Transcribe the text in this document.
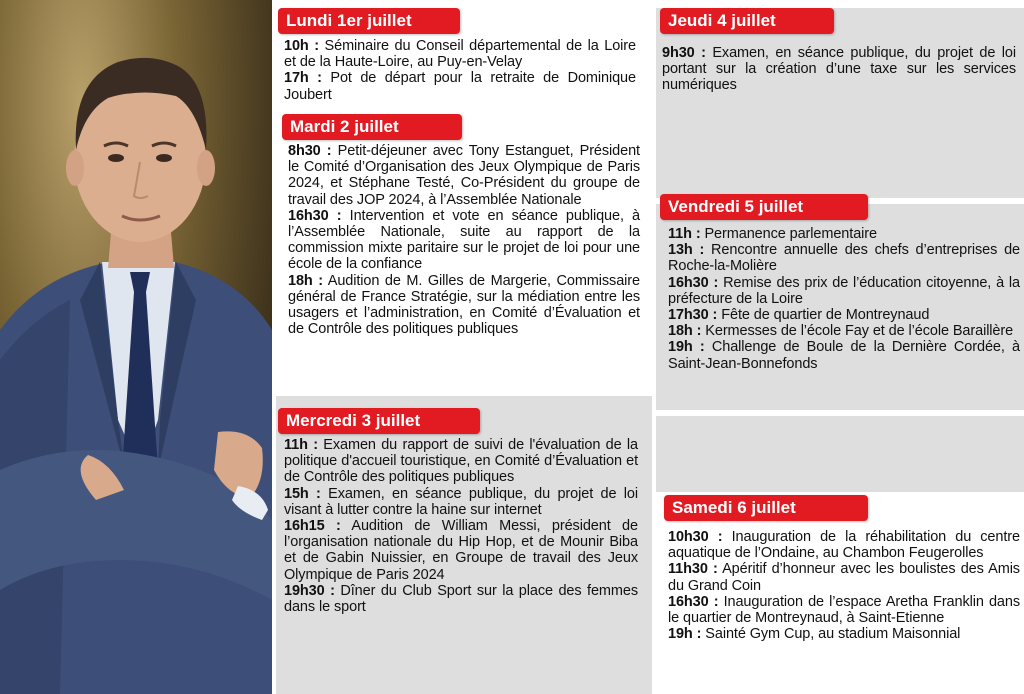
Lundi 1er juillet

10h : Séminaire du Conseil départemental de la Loire et de la Haute-Loire, au Puy-en-Velay

17h : Pot de départ pour la retraite de Dominique Joubert

Mardi 2 juillet

8h30 : Petit-déjeuner avec Tony Estanguet, Président le Comité d’Organisation des Jeux Olympique de Paris 2024, et Stéphane Testé, Co-Président du groupe de travail des JOP 2024, à l’Assemblée Nationale

16h30 : Intervention et vote en séance publique, à l’Assemblée Nationale, suite au rapport de la commission mixte paritaire sur le projet de loi pour une école de la confiance

18h : Audition de M. Gilles de Margerie, Commissaire général de France Stratégie, sur la médiation entre les usagers et l’administration, en Comité d’Évaluation et de Contrôle des politiques publiques

Mercredi 3 juillet

11h : Examen du rapport de suivi de l'évaluation de la politique d'accueil touristique, en Comité d’Évaluation et de Contrôle des politiques publiques

15h : Examen, en séance publique, du projet de loi visant à lutter contre la haine sur internet

16h15 : Audition de William Messi, président de l’organisation nationale du Hip Hop, et de Mounir Biba et de Gabin Nuissier, en Groupe de travail des Jeux Olympique de Paris 2024

19h30 : Dîner du Club Sport sur la place des femmes dans le sport

Jeudi 4 juillet

9h30 : Examen, en séance publique, du projet de loi portant sur la création d’une taxe sur les services numériques

Vendredi 5 juillet

11h : Permanence parlementaire

13h : Rencontre annuelle des chefs d’entreprises de Roche-la-Molière

16h30 : Remise des prix de l’éducation citoyenne, à la préfecture de la Loire

17h30 : Fête de quartier de Montreynaud

18h : Kermesses de l’école Fay et de l’école Baraillère

19h : Challenge de Boule de la Dernière Cordée, à Saint-Jean-Bonnefonds

Samedi 6 juillet

10h30 : Inauguration de la réhabilitation du centre aquatique de l’Ondaine, au Chambon Feugerolles

11h30 : Apéritif d’honneur avec les boulistes des Amis du Grand Coin

16h30 : Inauguration de l’espace Aretha Franklin dans le quartier de Montreynaud, à Saint-Etienne

19h : Sainté Gym Cup, au stadium Maisonnial
